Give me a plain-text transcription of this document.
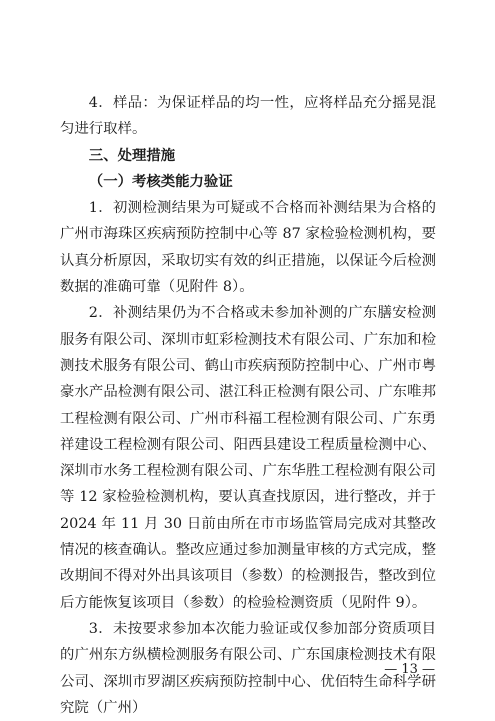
4．样品：为保证样品的均一性，应将样品充分摇晃混匀进行取样。

三、处理措施

（一）考核类能力验证

1．初测检测结果为可疑或不合格而补测结果为合格的广州市海珠区疾病预防控制中心等 87 家检验检测机构，要认真分析原因，采取切实有效的纠正措施，以保证今后检测数据的准确可靠（见附件 8）。

2．补测结果仍为不合格或未参加补测的广东膳安检测服务有限公司、深圳市虹彩检测技术有限公司、广东加和检测技术服务有限公司、鹤山市疾病预防控制中心、广州市粤豪水产品检测有限公司、湛江科正检测有限公司、广东唯邦工程检测有限公司、广州市科福工程检测有限公司、广东勇祥建设工程检测有限公司、阳西县建设工程质量检测中心、深圳市水务工程检测有限公司、广东华胜工程检测有限公司等 12 家检验检测机构，要认真查找原因，进行整改，并于 2024 年 11 月 30 日前由所在市市场监管局完成对其整改情况的核查确认。整改应通过参加测量审核的方式完成，整改期间不得对外出具该项目（参数）的检测报告，整改到位后方能恢复该项目（参数）的检验检测资质（见附件 9）。

3．未按要求参加本次能力验证或仅参加部分资质项目的广州东方纵横检测服务有限公司、广东国康检测技术有限公司、深圳市罗湖区疾病预防控制中心、优佰特生命科学研究院（广州）

— 13 —
